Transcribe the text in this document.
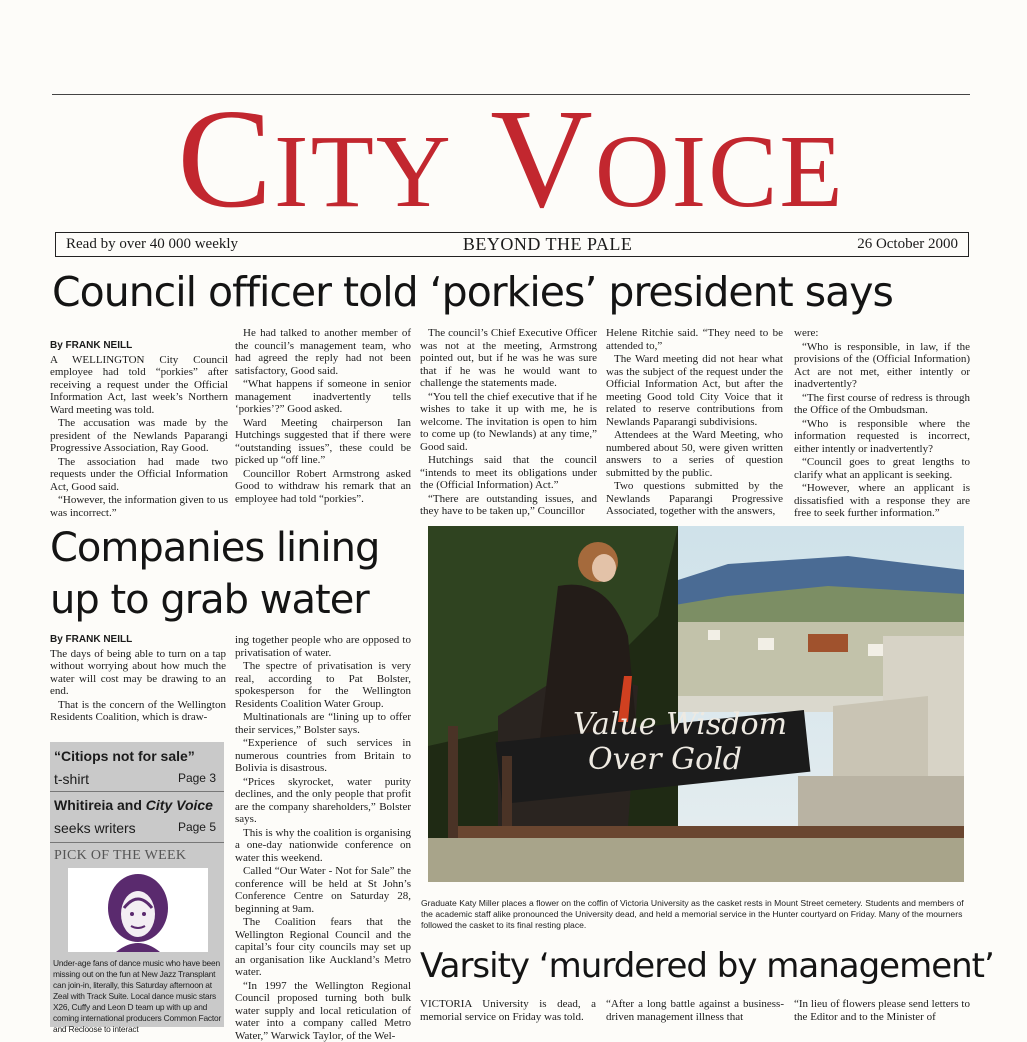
CITY VOICE
Read by over 40 000 weekly	BEYOND THE PALE	26 October 2000
Council officer told ‘porkies’ president says

By FRANK NEILL

A WELLINGTON City Council employee had told “porkies” after receiving a request under the Official Information Act, last week’s Northern Ward meeting was told.

The accusation was made by the president of the Newlands Paparangi Progressive Association, Ray Good.

The association had made two requests under the Official Information Act, Good said.

“However, the information given to us was incorrect.”

He had talked to another member of the council’s management team, who had agreed the reply had not been satisfactory, Good said.

“What happens if someone in senior management inadvertently tells ‘porkies’?” Good asked.

Ward Meeting chairperson Ian Hutchings suggested that if there were “outstanding issues”, these could be picked up “off line.”

Councillor Robert Armstrong asked Good to withdraw his remark that an employee had told “porkies”.

The council’s Chief Executive Officer was not at the meeting, Armstrong pointed out, but if he was he was sure that if he was he would want to challenge the statements made.

“You tell the chief executive that if he wishes to take it up with me, he is welcome. The invitation is open to him to come up (to Newlands) at any time,” Good said.

Hutchings said that the council “intends to meet its obligations under the (Official Information) Act.”

“There are outstanding issues, and they have to be taken up,” Councillor

Helene Ritchie said. “They need to be attended to,”

The Ward meeting did not hear what was the subject of the request under the Official Information Act, but after the meeting Good told City Voice that it related to reserve contributions from Newlands Paparangi subdivisions.

Attendees at the Ward Meeting, who numbered about 50, were given written answers to a series of question submitted by the public.

Two questions submitted by the Newlands Paparangi Progressive Associated, together with the answers,

were:

“Who is responsible, in law, if the provisions of the (Official Information) Act are not met, either intently or inadvertently?

“The first course of redress is through the Office of the Ombudsman.

“Who is responsible where the information requested is incorrect, either intently or inadvertently?

“Council goes to great lengths to clarify what an applicant is seeking.

“However, where an applicant is dissatisfied with a response they are free to seek further information.”

Companies lining up to grab water

By FRANK NEILL

The days of being able to turn on a tap without worrying about how much the water will cost may be drawing to an end.

That is the concern of the Wellington Residents Coalition, which is draw-

ing together people who are opposed to privatisation of water.

The spectre of privatisation is very real, according to Pat Bolster, spokesperson for the Wellington Residents Coalition Water Group.

Multinationals are “lining up to offer their services,” Bolster says.

“Experience of such services in numerous countries from Britain to Bolivia is disastrous.

“Prices skyrocket, water purity declines, and the only people that profit are the company shareholders,” Bolster says.

This is why the coalition is organising a one-day nationwide conference on water this weekend.

Called “Our Water - Not for Sale” the conference will be held at St John’s Conference Centre on Saturday 28, beginning at 9am.

The Coalition fears that the Wellington Regional Council and the capital’s four city councils may set up an organisation like Auckland’s Metro water.

“In 1997 the Wellington Regional Council proposed turning both bulk water supply and local reticulation of water into a company called Metro Water,” Warwick Taylor, of the Wel-

“Citiops not for sale”
t-shirt	Page 3
Whitireia and City Voice
seeks writers	Page 5
PICK OF THE WEEK
Under-age fans of dance music who have been missing out on the fun at New Jazz Transplant can join-in, literally, this Saturday afternoon at Zeal with Track Suite. Local dance music stars X26, Cuffy and Leon D team up with up and coming international producers Common Factor and Recloose to interact
Value Wisdom
Over Gold
Graduate Katy Miller places a flower on the coffin of Victoria University as the casket rests in Mount Street cemetery. Students and members of the academic staff alike pronounced the University dead, and held a memorial service in the Hunter courtyard on Friday. Many of the mourners followed the casket to its final resting place.
Varsity ‘murdered by management’

VICTORIA University is dead, a memorial service on Friday was told.

“After a long battle against a business-driven management illness that

“In lieu of flowers please send letters to the Editor and to the Minister of
